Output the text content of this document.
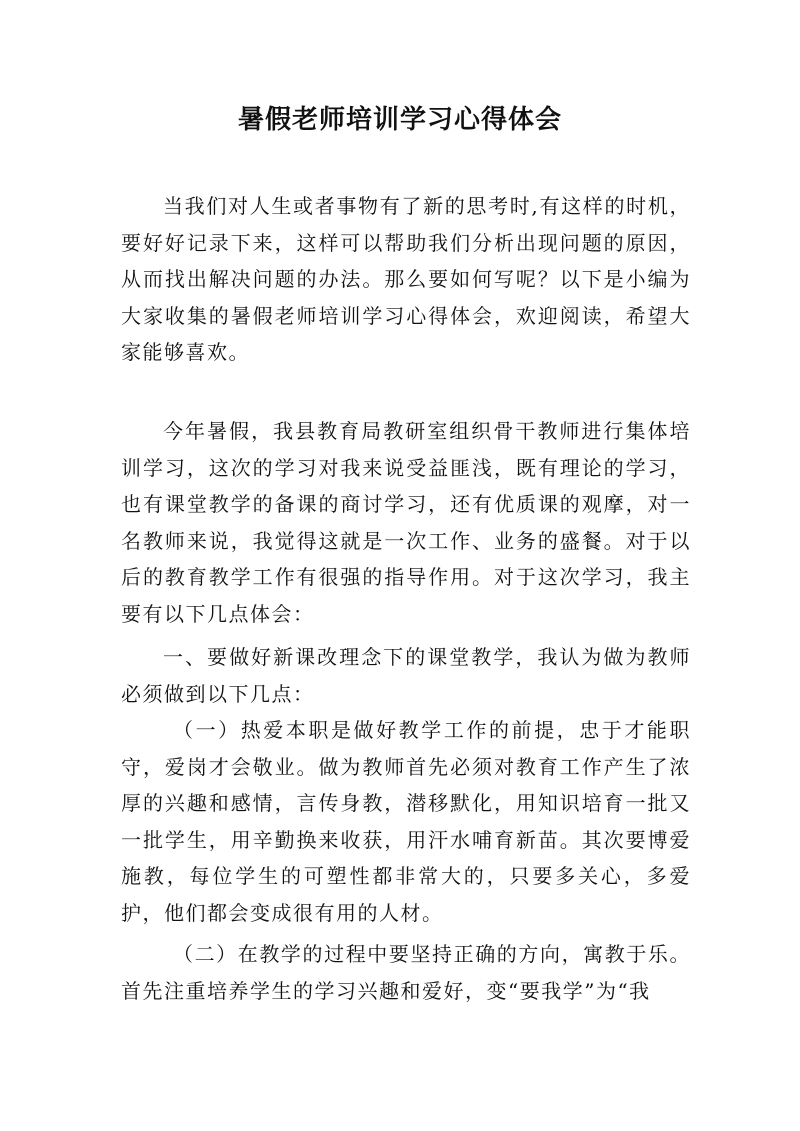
暑假老师培训学习心得体会

当我们对人生或者事物有了新的思考时,有这样的时机，要好好记录下来，这样可以帮助我们分析出现问题的原因，从而找出解决问题的办法。那么要如何写呢？以下是小编为大家收集的暑假老师培训学习心得体会，欢迎阅读，希望大家能够喜欢。

今年暑假，我县教育局教研室组织骨干教师进行集体培训学习，这次的学习对我来说受益匪浅，既有理论的学习，也有课堂教学的备课的商讨学习，还有优质课的观摩，对一名教师来说，我觉得这就是一次工作、业务的盛餐。对于以后的教育教学工作有很强的指导作用。对于这次学习，我主要有以下几点体会：

一、要做好新课改理念下的课堂教学，我认为做为教师必须做到以下几点：

（一）热爱本职是做好教学工作的前提，忠于才能职守，爱岗才会敬业。做为教师首先必须对教育工作产生了浓厚的兴趣和感情，言传身教，潜移默化，用知识培育一批又一批学生，用辛勤换来收获，用汗水哺育新苗。其次要博爱施教，每位学生的可塑性都非常大的，只要多关心，多爱护，他们都会变成很有用的人材。

（二）在教学的过程中要坚持正确的方向，寓教于乐。首先注重培养学生的学习兴趣和爱好，变“要我学”为“我
